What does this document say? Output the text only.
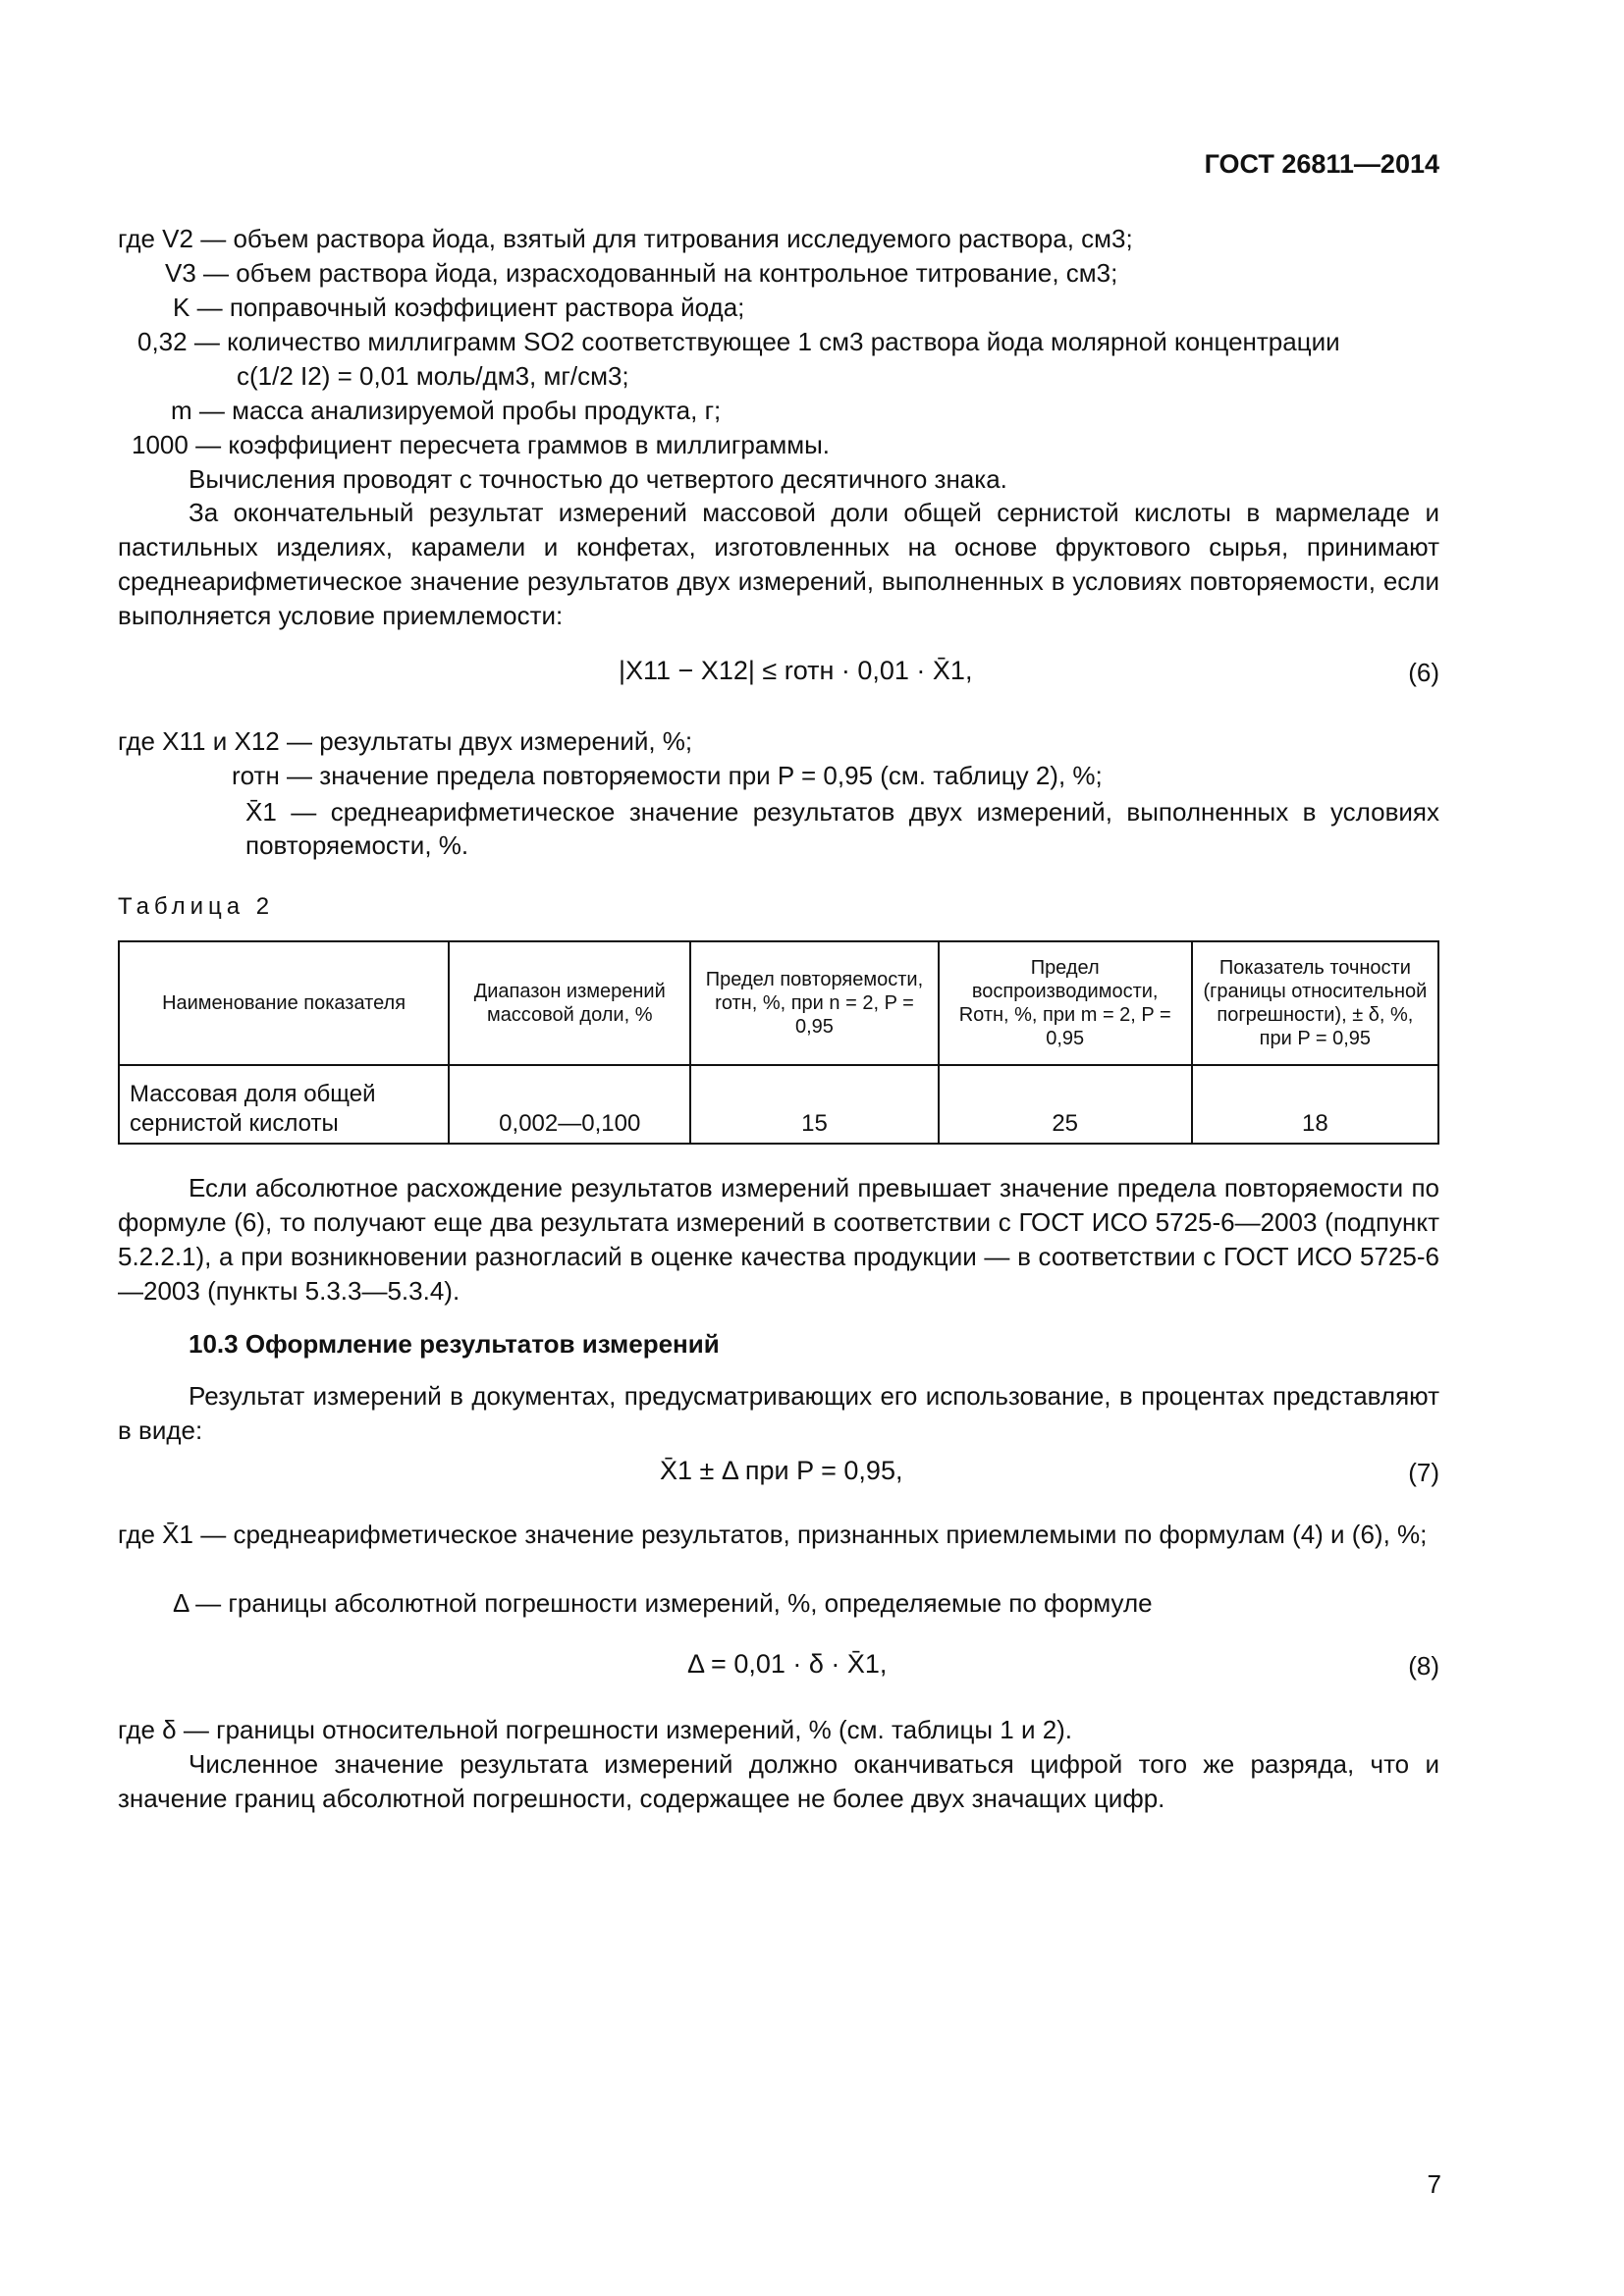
ГОСТ 26811—2014
где V2 — объем раствора йода, взятый для титрования исследуемого раствора, см3;
V3 — объем раствора йода, израсходованный на контрольное титрование, см3;
K — поправочный коэффициент раствора йода;
0,32 — количество миллиграмм SO2 соответствующее 1 см3 раствора йода молярной концентрации
c(1/2 I2) = 0,01 моль/дм3, мг/см3;
m — масса анализируемой пробы продукта, г;
1000 — коэффициент пересчета граммов в миллиграммы.
Вычисления проводят с точностью до четвертого десятичного знака.
За окончательный результат измерений массовой доли общей сернистой кислоты в мармеладе и пастильных изделиях, карамели и конфетах, изготовленных на основе фруктового сырья, принимают среднеарифметическое значение результатов двух измерений, выполненных в условиях повторяемости, если выполняется условие приемлемости:
|X11 − X12| ≤ rотн · 0,01 · X̄1,	(6)
где X11 и X12 — результаты двух измерений, %;
rотн — значение предела повторяемости при P = 0,95 (см. таблицу 2), %;
X̄1 — среднеарифметическое значение результатов двух измерений, выполненных в условиях повторяемости, %.
Таблица 2
Наименование показателя	Диапазон измерений массовой доли, %	Предел повторяемости, rотн, %, при n = 2, P = 0,95	Предел воспроизводимости, Rотн, %, при m = 2, P = 0,95	Показатель точности (границы относительной погрешности), ± δ, %, при P = 0,95
Массовая доля общей сернистой кислоты	0,002—0,100	15	25	18
Если абсолютное расхождение результатов измерений превышает значение предела повторяемости по формуле (6), то получают еще два результата измерений в соответствии с ГОСТ ИСО 5725-6—2003 (подпункт 5.2.2.1), а при возникновении разногласий в оценке качества продукции — в соответствии с ГОСТ ИСО 5725-6—2003 (пункты 5.3.3—5.3.4).
10.3 Оформление результатов измерений
Результат измерений в документах, предусматривающих его использование, в процентах представляют в виде:
X̄1 ± Δ при P = 0,95,	(7)
где X̄1 — среднеарифметическое значение результатов, признанных приемлемыми по формулам (4) и (6), %;
Δ — границы абсолютной погрешности измерений, %, определяемые по формуле
Δ = 0,01 · δ · X̄1,	(8)
где δ — границы относительной погрешности измерений, % (см. таблицы 1 и 2).
Численное значение результата измерений должно оканчиваться цифрой того же разряда, что и значение границ абсолютной погрешности, содержащее не более двух значащих цифр.
7
